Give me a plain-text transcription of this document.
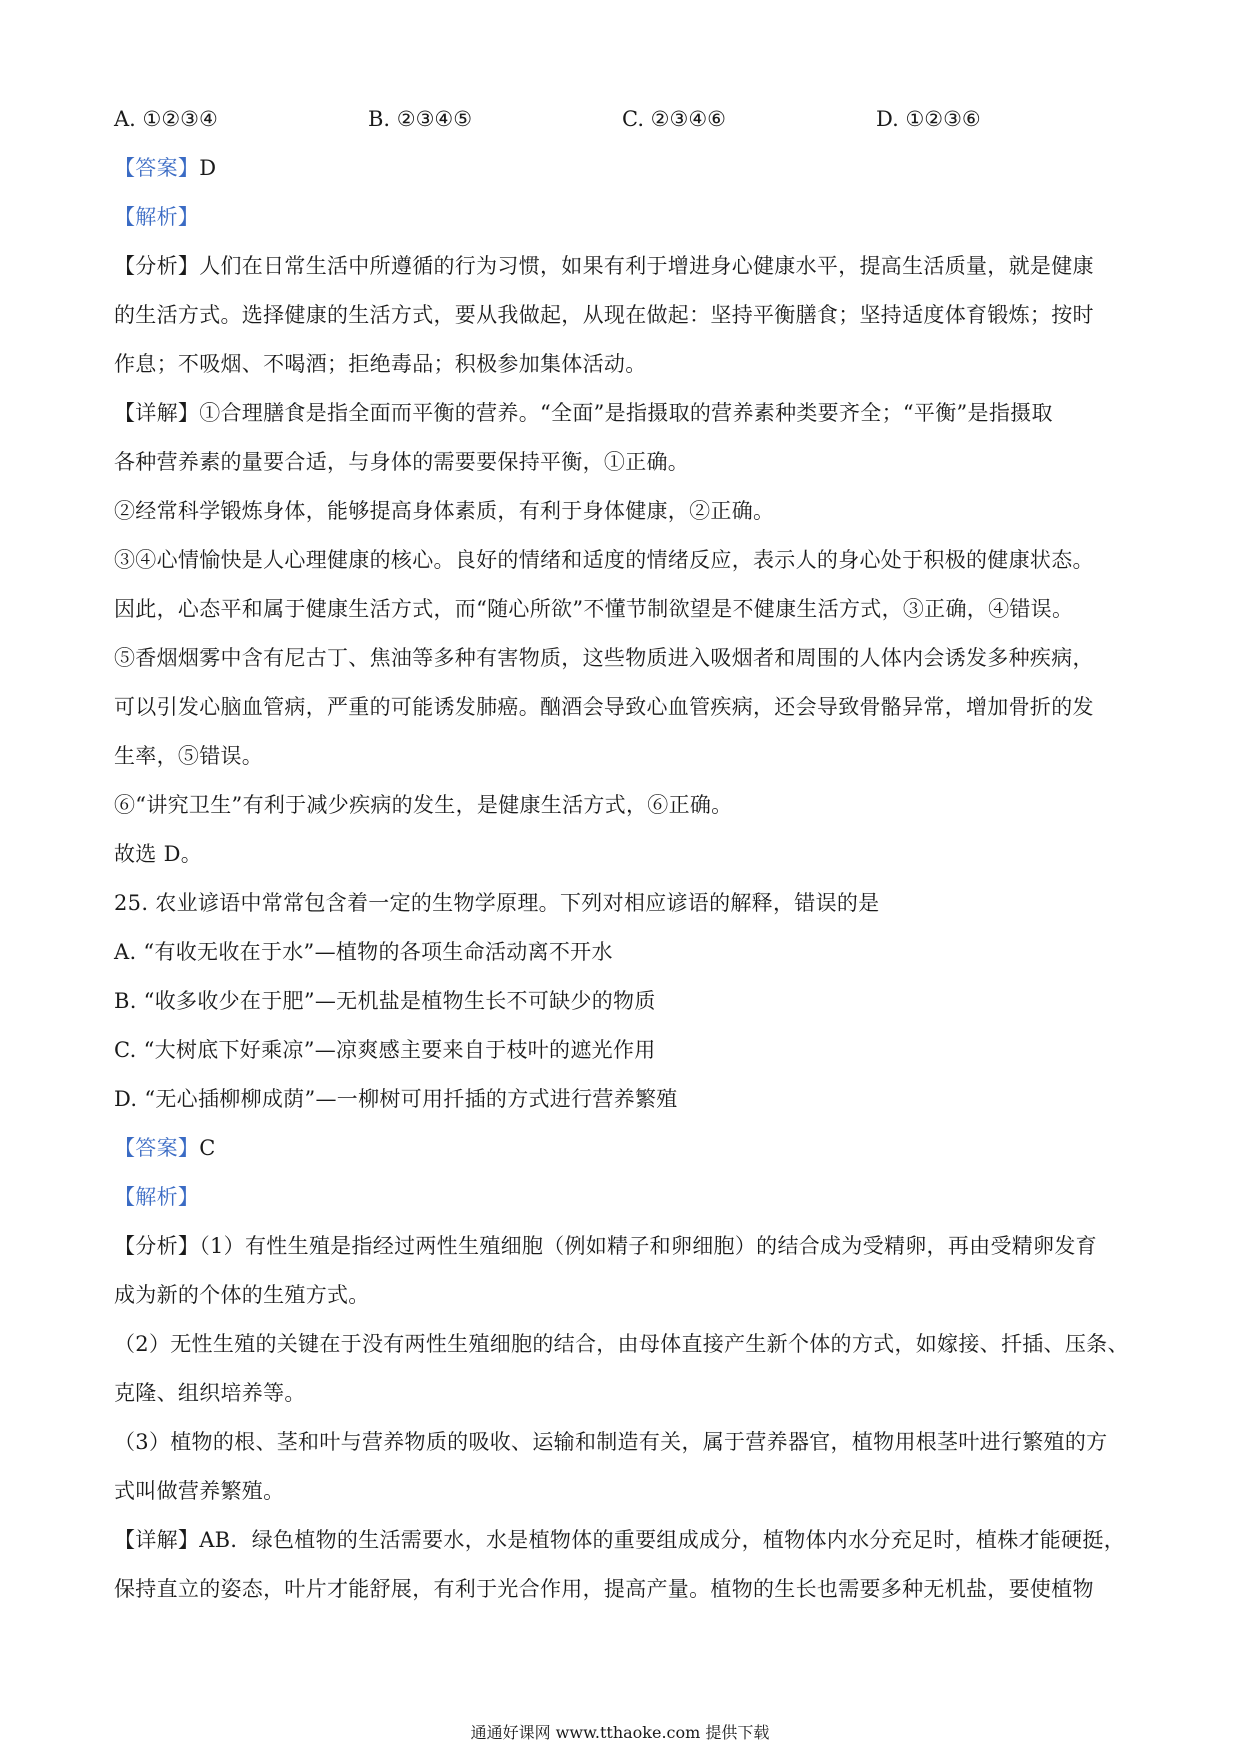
A. ①②③④	B. ②③④⑤	C. ②③④⑥	D. ①②③⑥
【答案】D
【解析】
【分析】人们在日常生活中所遵循的行为习惯，如果有利于增进身心健康水平，提高生活质量，就是健康
的生活方式。选择健康的生活方式，要从我做起，从现在做起：坚持平衡膳食；坚持适度体育锻炼；按时
作息；不吸烟、不喝酒；拒绝毒品；积极参加集体活动。
【详解】①合理膳食是指全面而平衡的营养。“全面”是指摄取的营养素种类要齐全；“平衡”是指摄取
各种营养素的量要合适，与身体的需要要保持平衡，①正确。
②经常科学锻炼身体，能够提高身体素质，有利于身体健康，②正确。
③④心情愉快是人心理健康的核心。良好的情绪和适度的情绪反应，表示人的身心处于积极的健康状态。
因此，心态平和属于健康生活方式，而“随心所欲”不懂节制欲望是不健康生活方式，③正确，④错误。
⑤香烟烟雾中含有尼古丁、焦油等多种有害物质，这些物质进入吸烟者和周围的人体内会诱发多种疾病，
可以引发心脑血管病，严重的可能诱发肺癌。酗酒会导致心血管疾病，还会导致骨骼异常，增加骨折的发
生率，⑤错误。
⑥“讲究卫生”有利于减少疾病的发生，是健康生活方式，⑥正确。
故选 D。
25. 农业谚语中常常包含着一定的生物学原理。下列对相应谚语的解释，错误的是
A. “有收无收在于水”—植物的各项生命活动离不开水
B. “收多收少在于肥”—无机盐是植物生长不可缺少的物质
C. “大树底下好乘凉”—凉爽感主要来自于枝叶的遮光作用
D. “无心插柳柳成荫”—一柳树可用扦插的方式进行营养繁殖
【答案】C
【解析】
【分析】（1）有性生殖是指经过两性生殖细胞（例如精子和卵细胞）的结合成为受精卵，再由受精卵发育
成为新的个体的生殖方式。
（2）无性生殖的关键在于没有两性生殖细胞的结合，由母体直接产生新个体的方式，如嫁接、扦插、压条、
克隆、组织培养等。
（3）植物的根、茎和叶与营养物质的吸收、运输和制造有关，属于营养器官，植物用根茎叶进行繁殖的方
式叫做营养繁殖。
【详解】AB．绿色植物的生活需要水，水是植物体的重要组成成分，植物体内水分充足时，植株才能硬挺，
保持直立的姿态，叶片才能舒展，有利于光合作用，提高产量。植物的生长也需要多种无机盐，要使植物
通通好课网 www.tthaoke.com 提供下载
